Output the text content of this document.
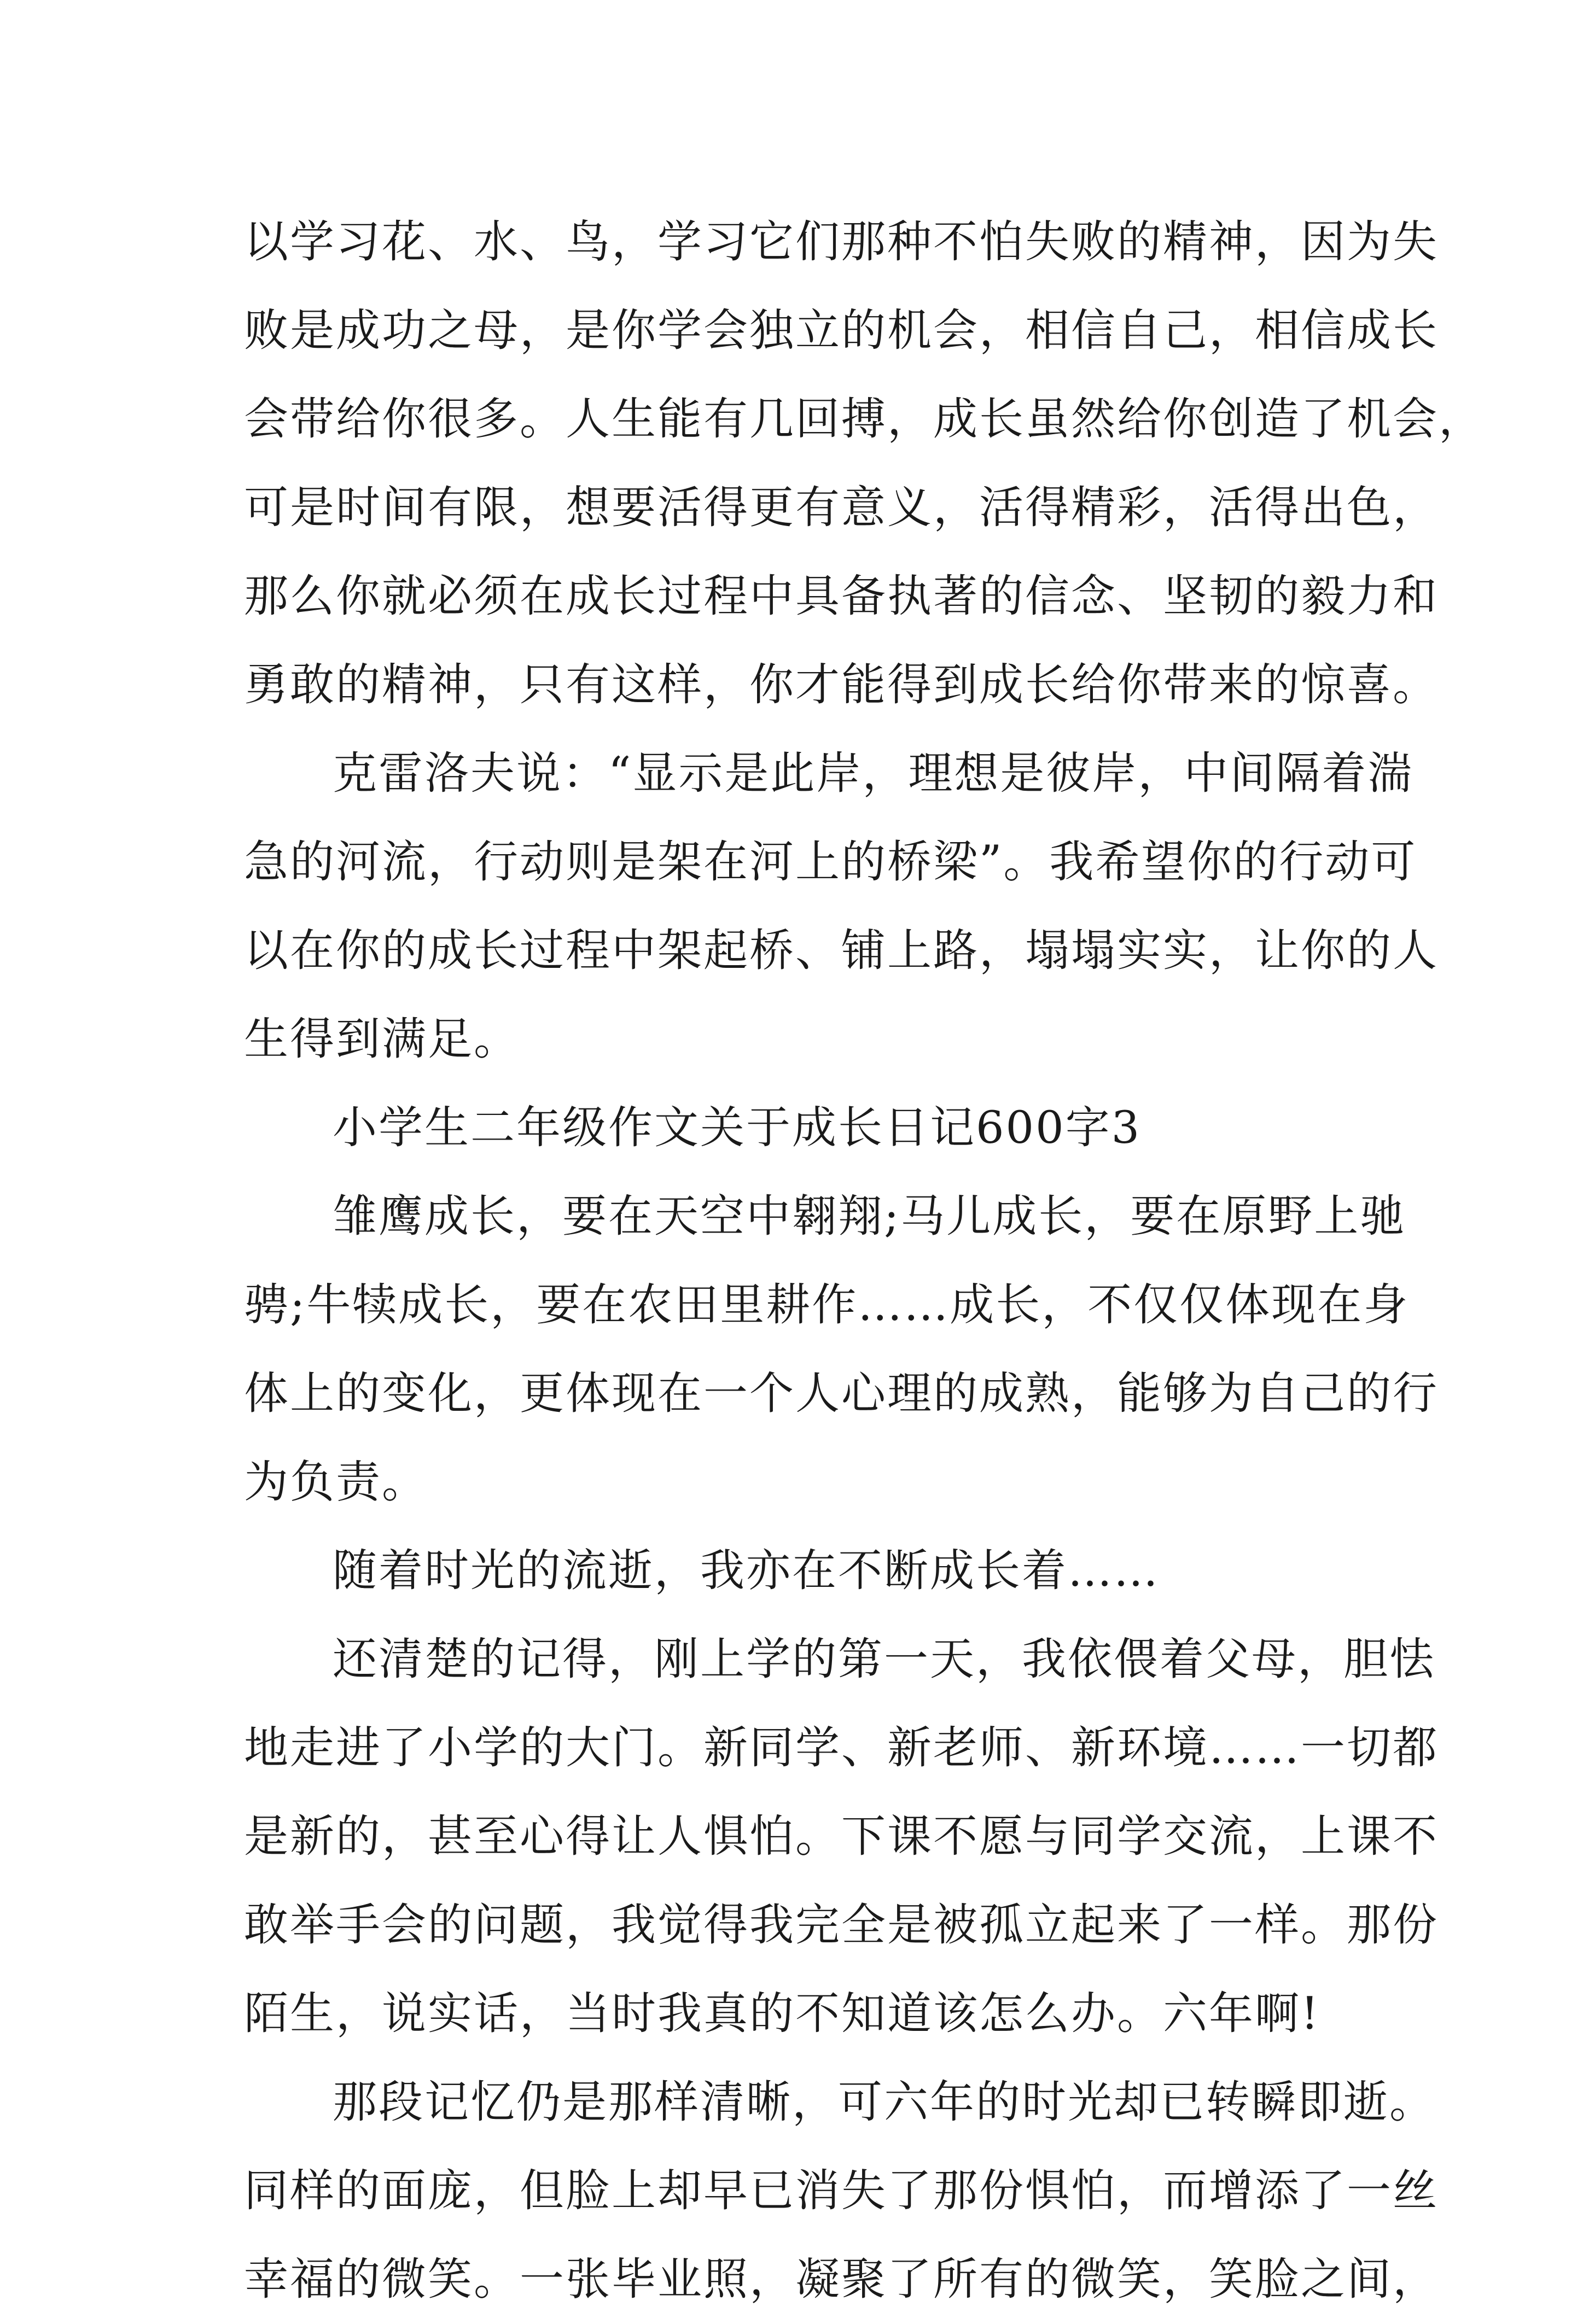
以学习花、水、鸟，学习它们那种不怕失败的精神，因为失
败是成功之母，是你学会独立的机会，相信自己，相信成长
会带给你很多。人生能有几回搏，成长虽然给你创造了机会，
可是时间有限，想要活得更有意义，活得精彩，活得出色，
那么你就必须在成长过程中具备执著的信念、坚韧的毅力和
勇敢的精神，只有这样，你才能得到成长给你带来的惊喜。
克雷洛夫说：“显示是此岸，理想是彼岸，中间隔着湍
急的河流，行动则是架在河上的桥梁”。我希望你的行动可
以在你的成长过程中架起桥、铺上路，塌塌实实，让你的人
生得到满足。
小学生二年级作文关于成长日记600字3
雏鹰成长，要在天空中翱翔;马儿成长，要在原野上驰
骋;牛犊成长，要在农田里耕作……成长，不仅仅体现在身
体上的变化，更体现在一个人心理的成熟，能够为自己的行
为负责。
随着时光的流逝，我亦在不断成长着……
还清楚的记得，刚上学的第一天，我依偎着父母，胆怯
地走进了小学的大门。新同学、新老师、新环境……一切都
是新的，甚至心得让人惧怕。下课不愿与同学交流，上课不
敢举手会的问题，我觉得我完全是被孤立起来了一样。那份
陌生，说实话，当时我真的不知道该怎么办。六年啊!
那段记忆仍是那样清晰，可六年的时光却已转瞬即逝。
同样的面庞，但脸上却早已消失了那份惧怕，而增添了一丝
幸福的微笑。一张毕业照，凝聚了所有的微笑，笑脸之间，
